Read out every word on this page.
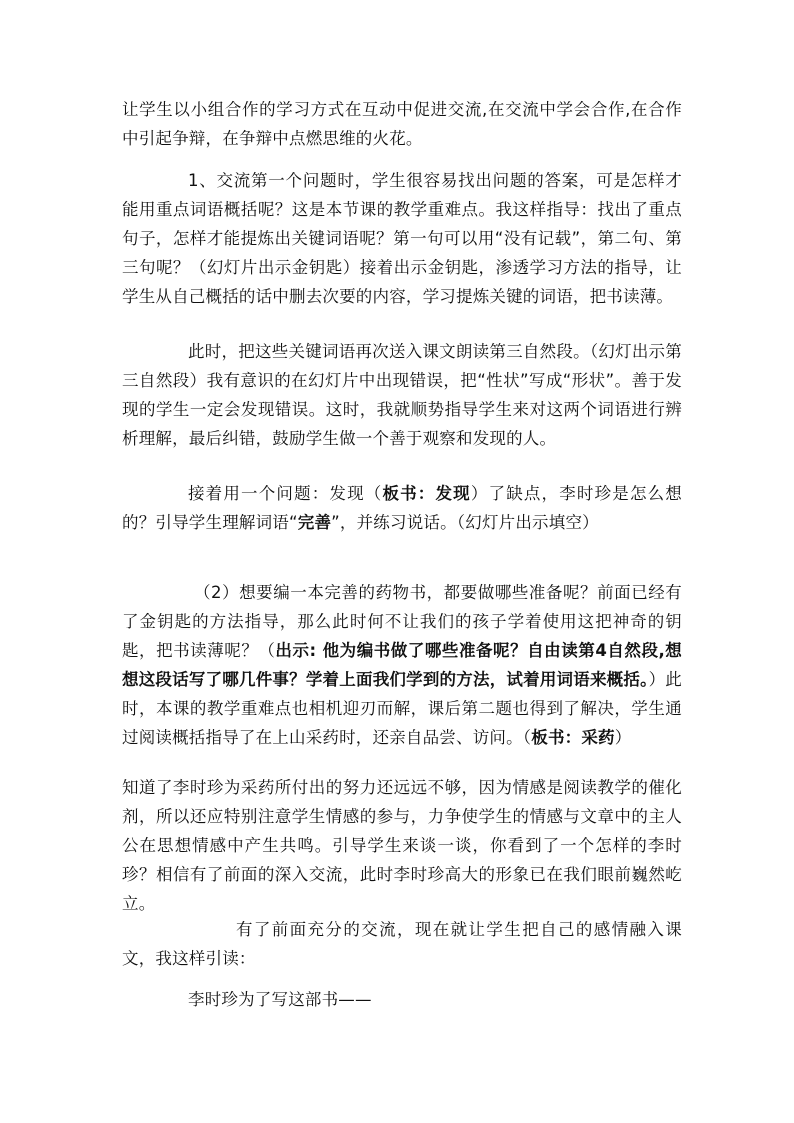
让学生以小组合作的学习方式在互动中促进交流,在交流中学会合作,在合作中引起争辩，在争辩中点燃思维的火花。

1、交流第一个问题时，学生很容易找出问题的答案，可是怎样才能用重点词语概括呢？这是本节课的教学重难点。我这样指导：找出了重点句子，怎样才能提炼出关键词语呢？第一句可以用“没有记载”，第二句、第三句呢？（幻灯片出示金钥匙）接着出示金钥匙，渗透学习方法的指导，让学生从自己概括的话中删去次要的内容，学习提炼关键的词语，把书读薄。

此时，把这些关键词语再次送入课文朗读第三自然段。（幻灯出示第三自然段）我有意识的在幻灯片中出现错误，把“性状”写成“形状”。善于发现的学生一定会发现错误。这时，我就顺势指导学生来对这两个词语进行辨析理解，最后纠错，鼓励学生做一个善于观察和发现的人。

接着用一个问题：发现（板书：发现）了缺点，李时珍是怎么想的？引导学生理解词语“完善”，并练习说话。（幻灯片出示填空）

（2）想要编一本完善的药物书，都要做哪些准备呢？前面已经有了金钥匙的方法指导，那么此时何不让我们的孩子学着使用这把神奇的钥匙，把书读薄呢？（出示: 他为编书做了哪些准备呢？自由读第4自然段,想想这段话写了哪几件事？学着上面我们学到的方法，试着用词语来概括。）此时，本课的教学重难点也相机迎刃而解，课后第二题也得到了解决，学生通过阅读概括指导了在上山采药时，还亲自品尝、访问。（板书：采药）

知道了李时珍为采药所付出的努力还远远不够，因为情感是阅读教学的催化剂，所以还应特别注意学生情感的参与，力争使学生的情感与文章中的主人公在思想情感中产生共鸣。引导学生来谈一谈，你看到了一个怎样的李时珍？相信有了前面的深入交流，此时李时珍高大的形象已在我们眼前巍然屹立。

有了前面充分的交流，现在就让学生把自己的感情融入课文，我这样引读：

李时珍为了写这部书——
